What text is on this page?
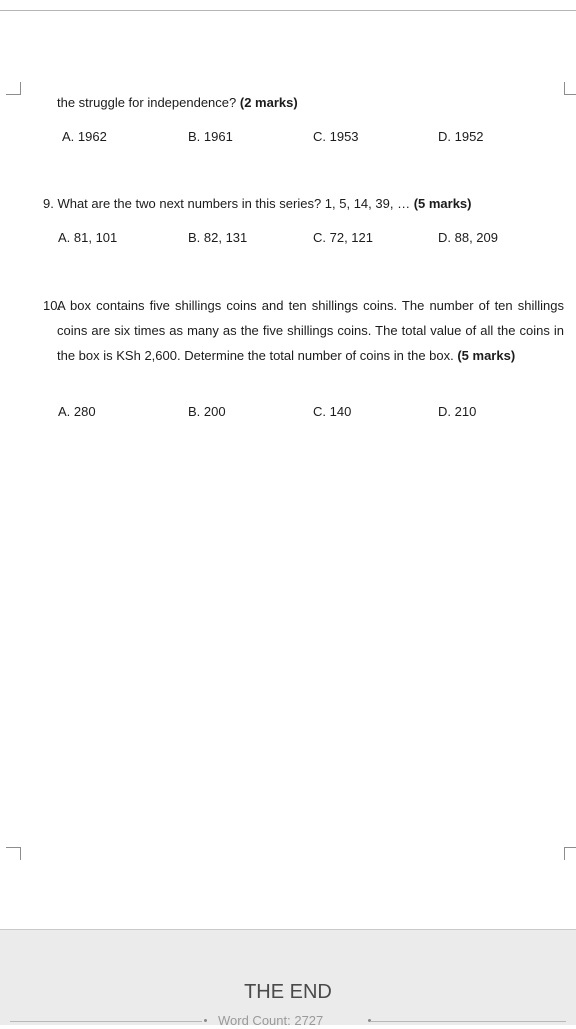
the struggle for independence? (2 marks)
A. 1962	B. 1961	C. 1953	D. 1952
9. What are the two next numbers in this series? 1, 5, 14, 39, … (5 marks)
A. 81, 101	B. 82, 131	C. 72, 121	D. 88, 209
10.
A box contains five shillings coins and ten shillings coins. The number of ten shillings coins are six times as many as the five shillings coins. The total value of all the coins in the box is KSh 2,600. Determine the total number of coins in the box. (5 marks)
A. 280	B. 200	C. 140	D. 210
THE END
Word Count: 2727
